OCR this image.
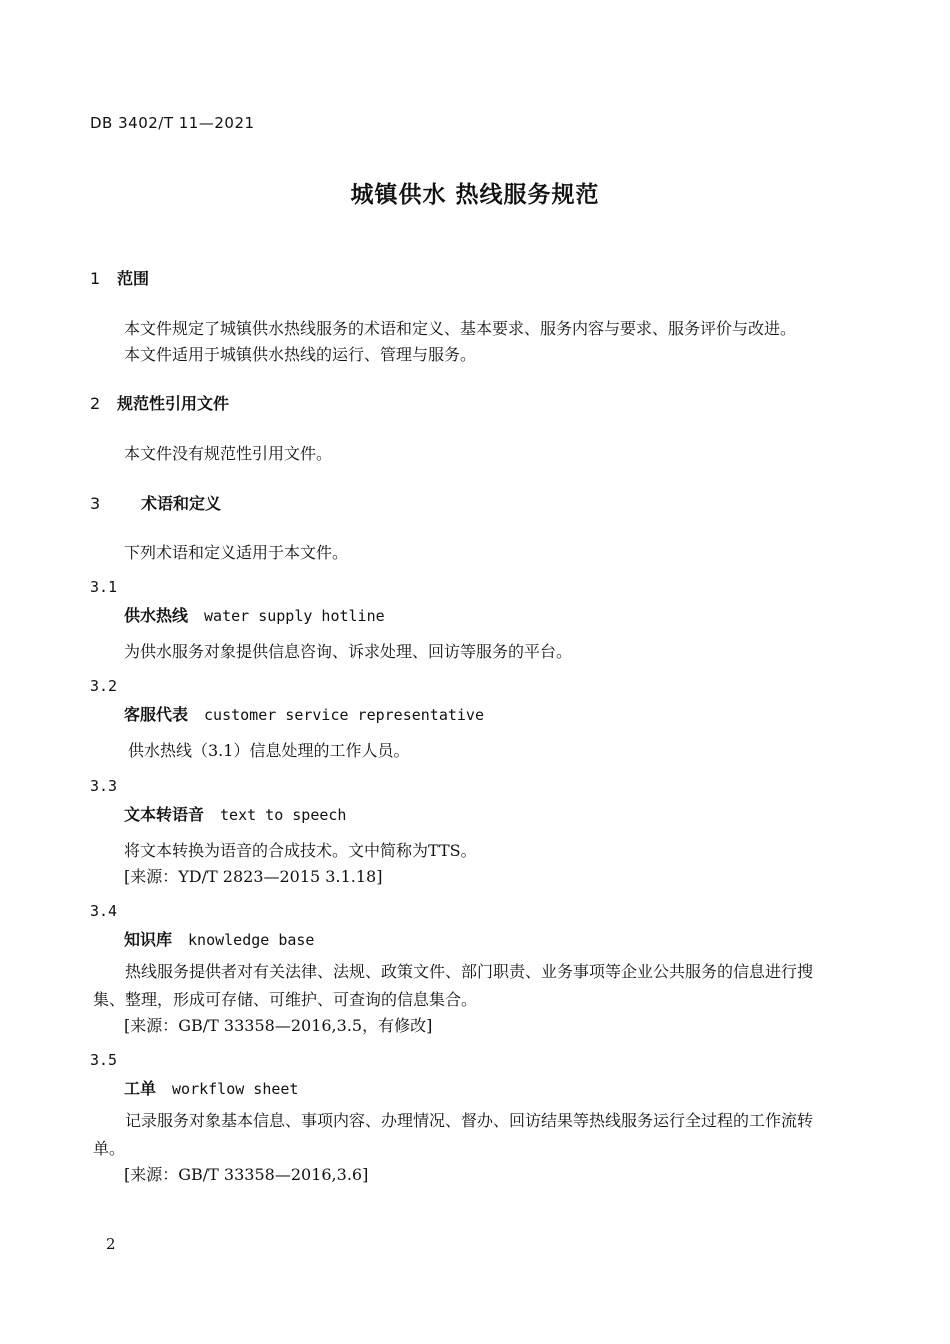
DB 3402/T 11—2021
城镇供水 热线服务规范
1 范围
本文件规定了城镇供水热线服务的术语和定义、基本要求、服务内容与要求、服务评价与改进。
本文件适用于城镇供水热线的运行、管理与服务。
2 规范性引用文件
本文件没有规范性引用文件。
3	术语和定义
下列术语和定义适用于本文件。
3.1
供水热线 water supply hotline
为供水服务对象提供信息咨询、诉求处理、回访等服务的平台。
3.2
客服代表 customer service representative
供水热线（3.1）信息处理的工作人员。
3.3
文本转语音 text to speech
将文本转换为语音的合成技术。文中简称为TTS。
[来源：YD/T 2823—2015 3.1.18]
3.4
知识库 knowledge base
热线服务提供者对有关法律、法规、政策文件、部门职责、业务事项等企业公共服务的信息进行搜集、整理，形成可存储、可维护、可查询的信息集合。
[来源：GB/T 33358—2016,3.5，有修改]
3.5
工单 workflow sheet
记录服务对象基本信息、事项内容、办理情况、督办、回访结果等热线服务运行全过程的工作流转单。
[来源：GB/T 33358—2016,3.6]
2
